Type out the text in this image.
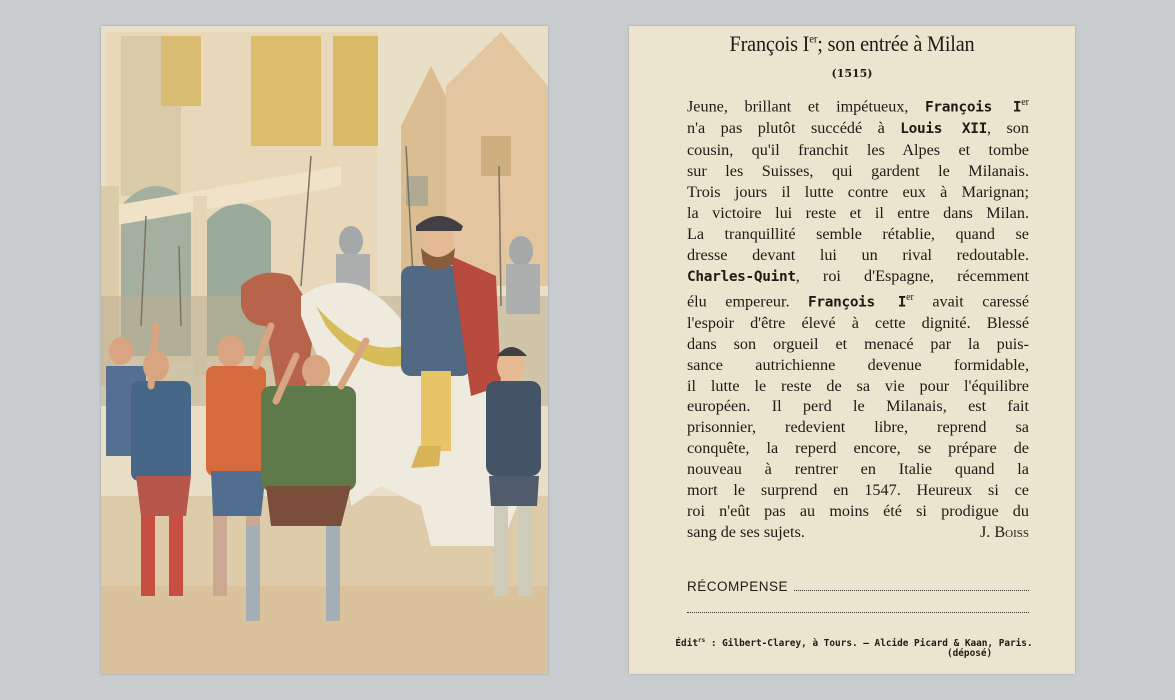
François Ier; son entrée à Milan
(1515)
Jeune, brillant et impétueux, François Ier
n'a pas plutôt succédé à Louis XII, son
cousin, qu'il franchit les Alpes et tombe
sur les Suisses, qui gardent le Milanais.
Trois jours il lutte contre eux à Marignan;
la victoire lui reste et il entre dans Milan.
La tranquillité semble rétablie, quand se
dresse devant lui un rival redoutable.
Charles-Quint, roi d'Espagne, récemment
élu empereur. François Ier avait caressé
l'espoir d'être élevé à cette dignité. Blessé
dans son orgueil et menacé par la puis-
sance autrichienne devenue formidable,
il lutte le reste de sa vie pour l'équilibre
européen. Il perd le Milanais, est fait
prisonnier, redevient libre, reprend sa
conquête, la reperd encore, se prépare de
nouveau à rentrer en Italie quand la
mort le surprend en 1547. Heureux si ce
roi n'eût pas au moins été si prodigue du
sang de ses sujets.	J. Boiss
RÉCOMPENSE
Édit$^{rs}$ : Gilbert-Clarey, à Tours. — Alcide Picard & Kaan, Paris.
(déposé)
